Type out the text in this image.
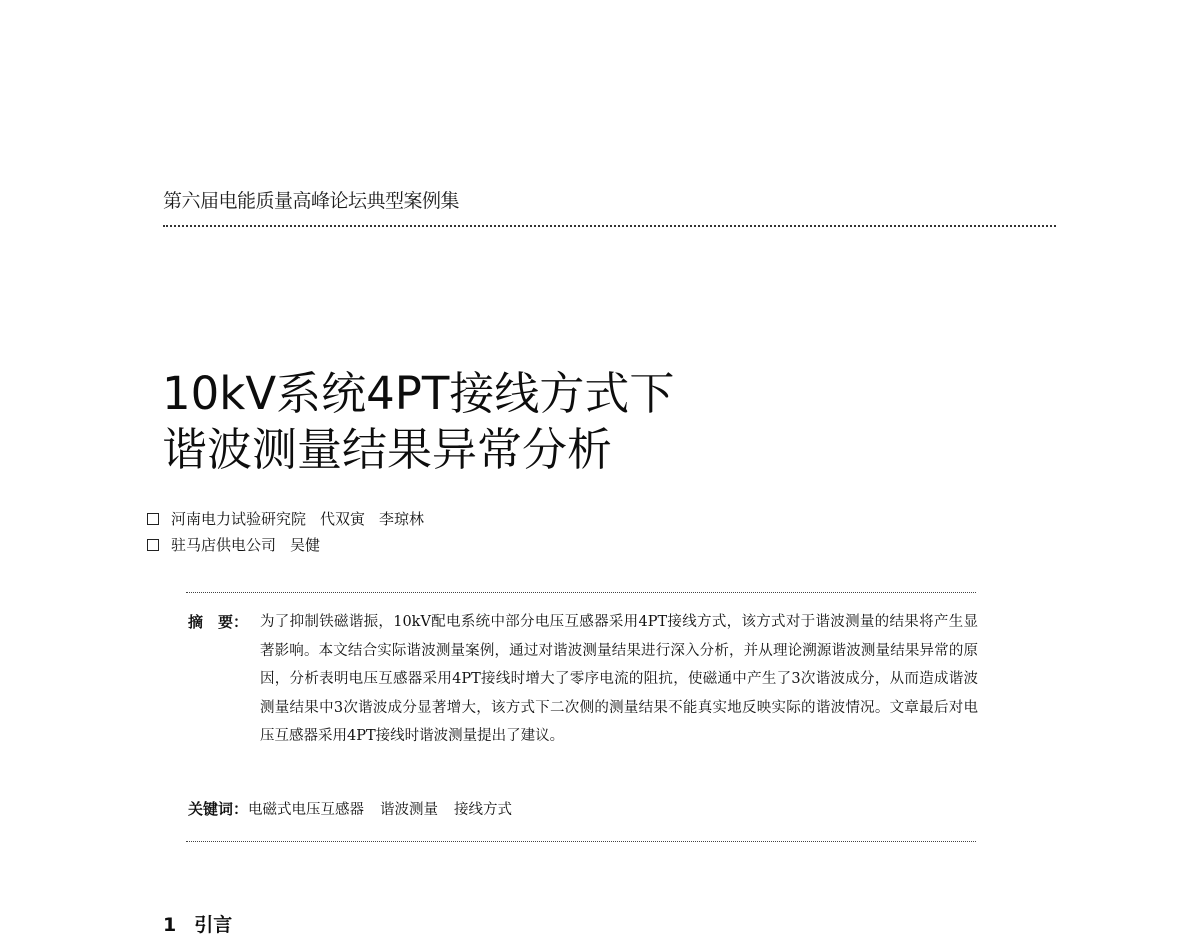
第六届电能质量高峰论坛典型案例集
10kV系统4PT接线方式下
谐波测量结果异常分析
河南电力试验研究院 代双寅 李琼林
驻马店供电公司 吴健
摘　要： 为了抑制铁磁谐振，10kV配电系统中部分电压互感器采用4PT接线方式，该方式对于谐波测量的结果将产生显著影响。本文结合实际谐波测量案例，通过对谐波测量结果进行深入分析，并从理论溯源谐波测量结果异常的原因，分析表明电压互感器采用4PT接线时增大了零序电流的阻抗，使磁通中产生了3次谐波成分，从而造成谐波测量结果中3次谐波成分显著增大，该方式下二次侧的测量结果不能真实地反映实际的谐波情况。文章最后对电压互感器采用4PT接线时谐波测量提出了建议。
关键词：电磁式电压互感器 谐波测量 接线方式
1 引言
